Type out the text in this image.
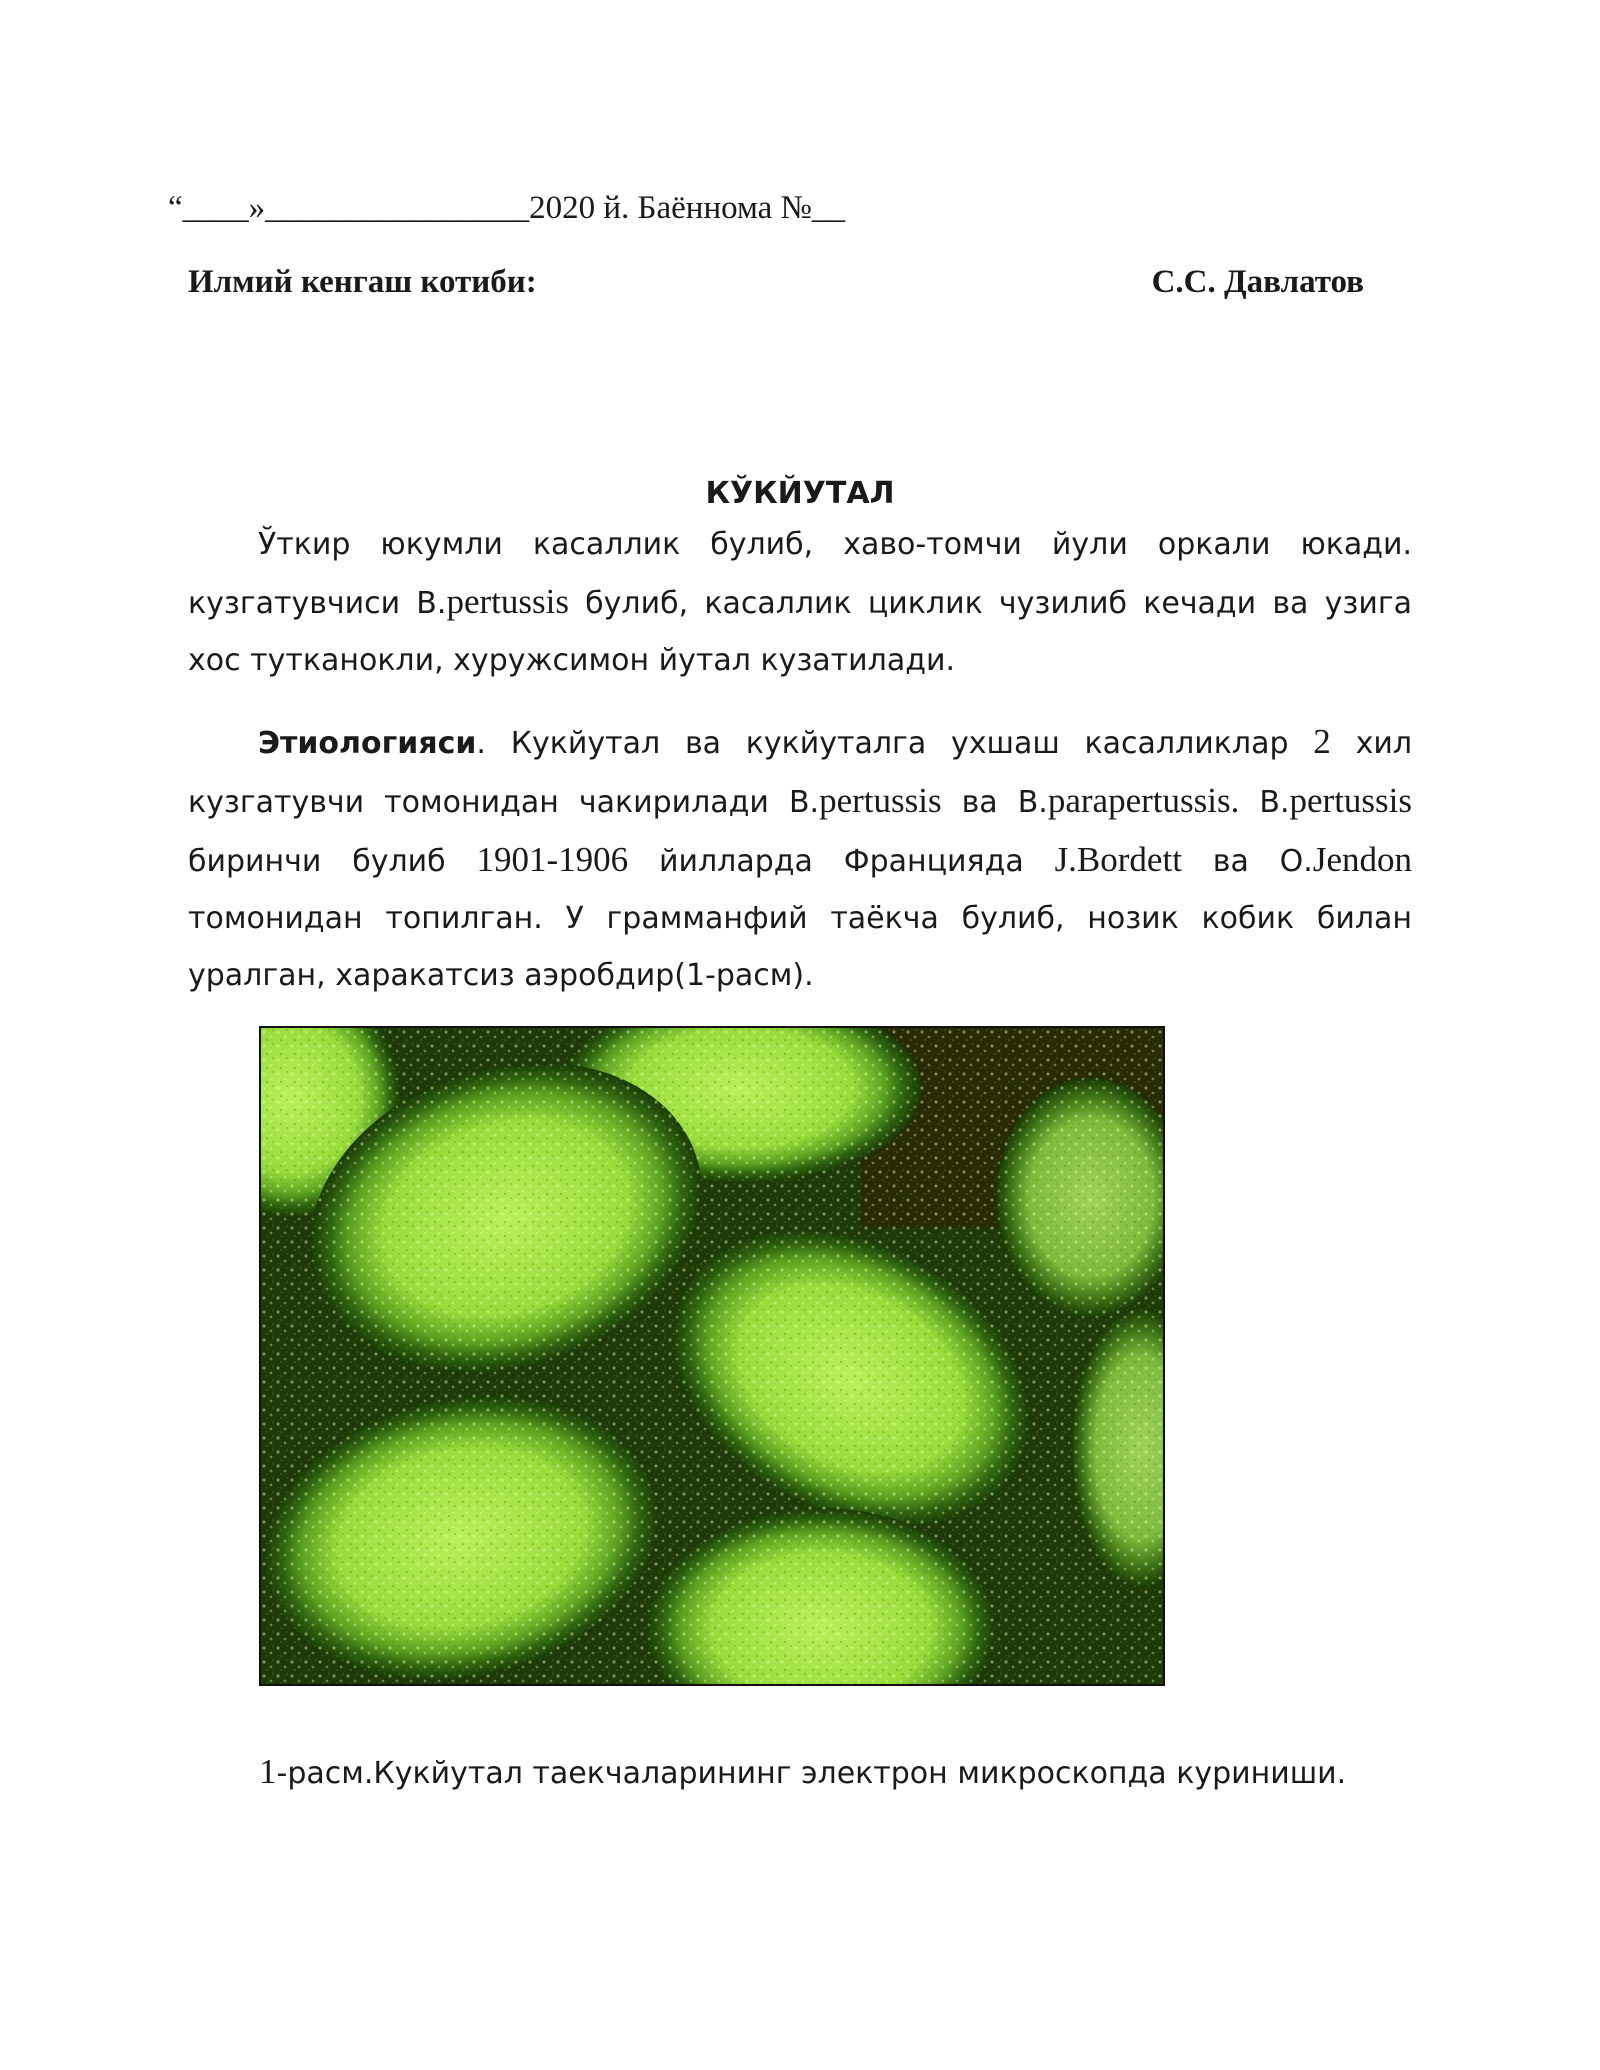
“____»________________2020 й. Баённома №__
Илмий кенгаш котиби:	С.С. Давлатов
КЎКЙУТАЛ
Ўткир юкумли касаллик булиб, хаво-томчи йули оркали юкади. кузгатувчиси В.pertussis булиб, касаллик циклик чузилиб кечади ва узига хос тутканокли, хуружсимон йутал кузатилади.
Этиологияси. Кукйутал ва кукйуталга ухшаш касалликлар 2 хил кузгатувчи томонидан чакирилади В.pertussis ва В.parapertussis. В.pertussis биринчи булиб 1901-1906 йилларда Францияда J.Bordett ва О.Jendon томонидан топилган. У грамманфий таёкча булиб, нозик кобик билан уралган, харакатсиз аэробдир(1-расм).
1-расм.Кукйутал таекчаларининг электрон микроскопда куриниши.
